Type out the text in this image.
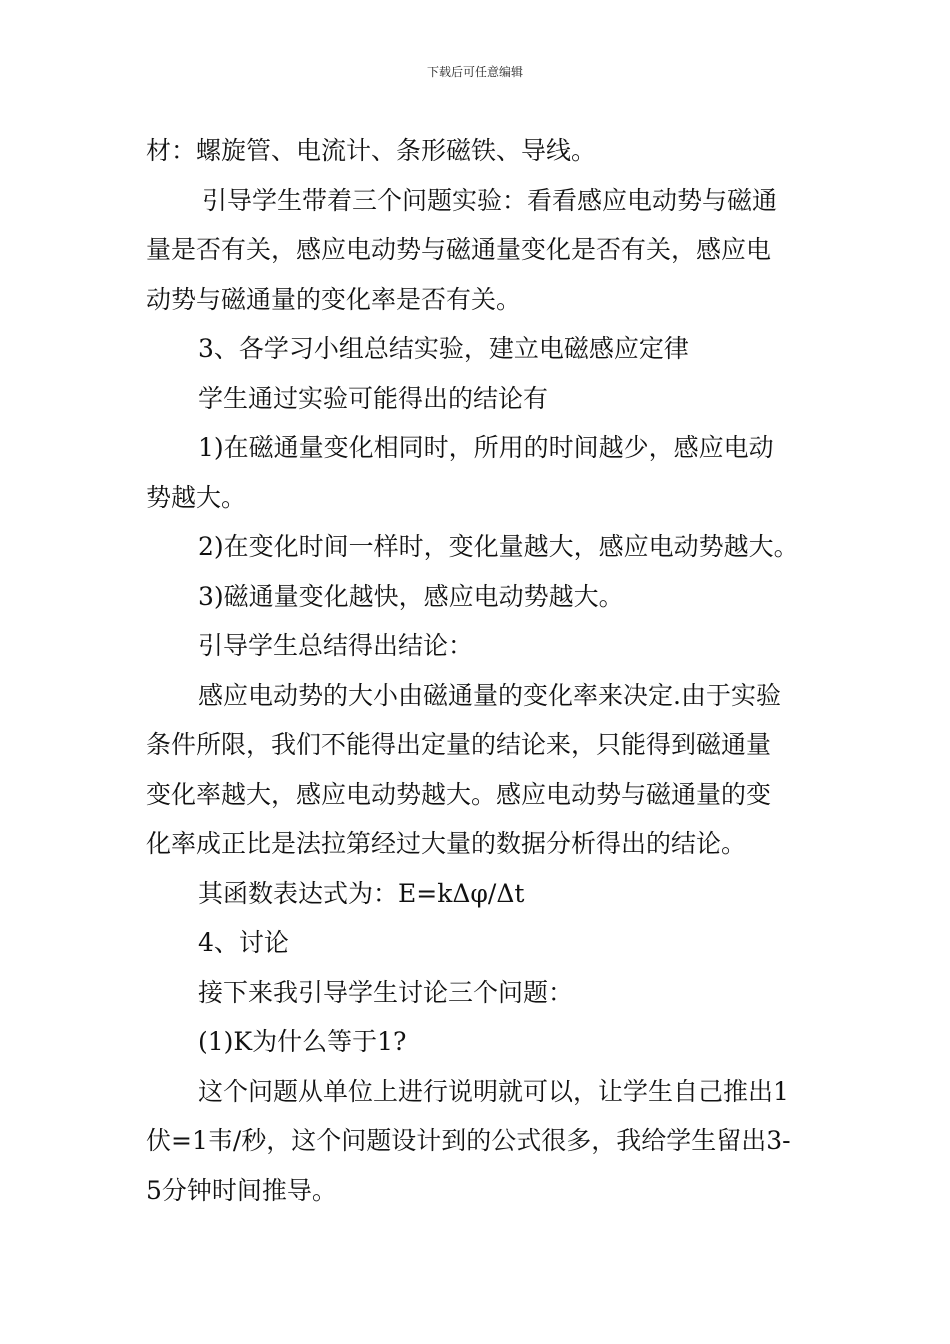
下载后可任意编辑

材：螺旋管、电流计、条形磁铁、导线。

引导学生带着三个问题实验：看看感应电动势与磁通

量是否有关，感应电动势与磁通量变化是否有关，感应电

动势与磁通量的变化率是否有关。

3、各学习小组总结实验，建立电磁感应定律

学生通过实验可能得出的结论有

1)在磁通量变化相同时，所用的时间越少，感应电动

势越大。

2)在变化时间一样时，变化量越大，感应电动势越大。

3)磁通量变化越快，感应电动势越大。

引导学生总结得出结论：

感应电动势的大小由磁通量的变化率来决定.由于实验

条件所限，我们不能得出定量的结论来，只能得到磁通量

变化率越大，感应电动势越大。感应电动势与磁通量的变

化率成正比是法拉第经过大量的数据分析得出的结论。

其函数表达式为：E=kΔφ/Δt

4、讨论

接下来我引导学生讨论三个问题：

(1)K为什么等于1?

这个问题从单位上进行说明就可以，让学生自己推出1

伏=1韦/秒，这个问题设计到的公式很多，我给学生留出3-

5分钟时间推导。
